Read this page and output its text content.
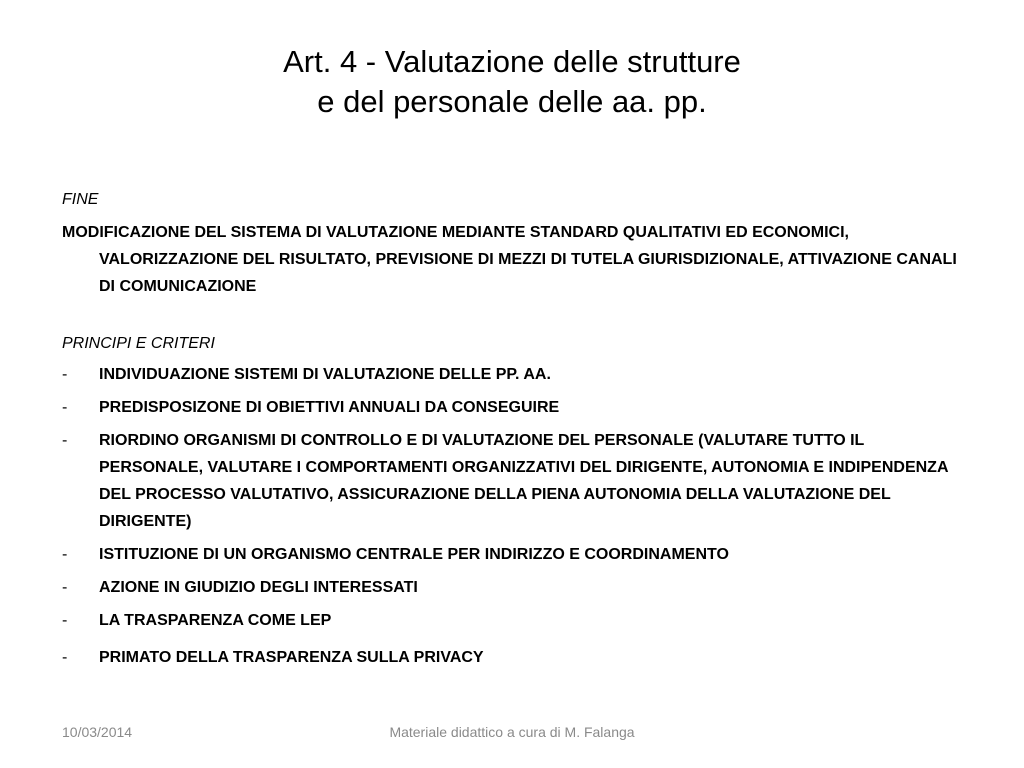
Art. 4 - Valutazione delle strutture
e del personale delle aa. pp.

FINE

MODIFICAZIONE DEL SISTEMA DI VALUTAZIONE MEDIANTE STANDARD QUALITATIVI ED ECONOMICI, VALORIZZAZIONE DEL RISULTATO, PREVISIONE DI MEZZI DI TUTELA GIURISDIZIONALE, ATTIVAZIONE CANALI DI COMUNICAZIONE

PRINCIPI E CRITERI

-	INDIVIDUAZIONE SISTEMI DI VALUTAZIONE DELLE PP. AA.
-	PREDISPOSIZONE DI OBIETTIVI ANNUALI DA CONSEGUIRE
-	RIORDINO ORGANISMI DI CONTROLLO E DI VALUTAZIONE DEL PERSONALE (VALUTARE TUTTO IL PERSONALE, VALUTARE I COMPORTAMENTI ORGANIZZATIVI DEL DIRIGENTE, AUTONOMIA E INDIPENDENZA DEL PROCESSO VALUTATIVO, ASSICURAZIONE DELLA PIENA AUTONOMIA DELLA VALUTAZIONE DEL DIRIGENTE)
-	ISTITUZIONE DI UN ORGANISMO CENTRALE PER INDIRIZZO E COORDINAMENTO
-	AZIONE IN GIUDIZIO DEGLI INTERESSATI
-	LA TRASPARENZA COME LEP
-	PRIMATO DELLA TRASPARENZA SULLA PRIVACY
10/03/2014	Materiale didattico a cura di M. Falanga
